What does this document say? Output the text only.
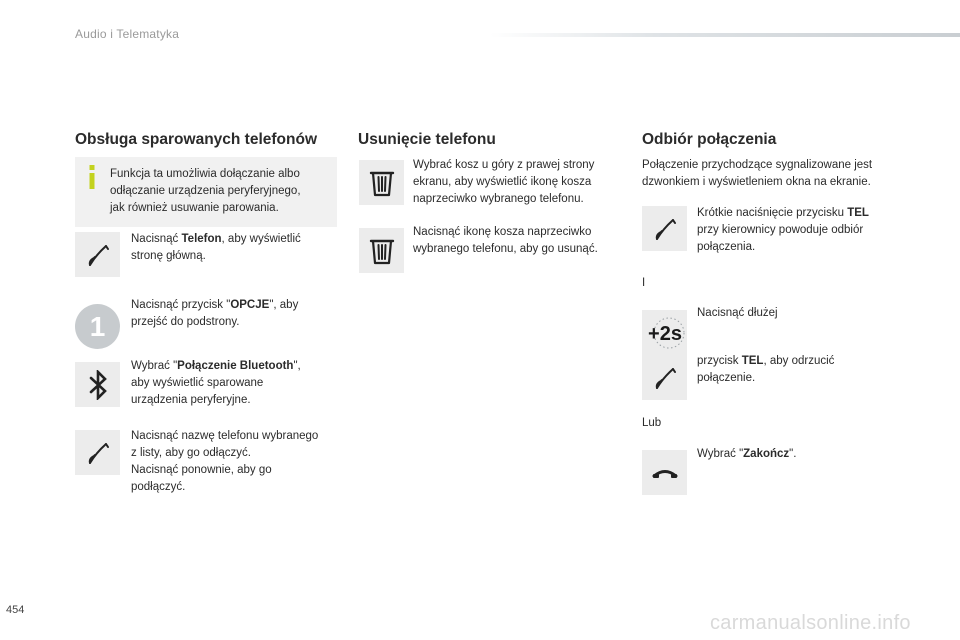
Audio i Telematyka
Obsługa sparowanych telefonów
Funkcja ta umożliwia dołączanie albo
odłączanie urządzenia peryferyjnego,
jak również usuwanie parowania.
Nacisnąć Telefon, aby wyświetlić
stronę główną.
1
Nacisnąć przycisk "OPCJE", aby
przejść do podstrony.
Wybrać "Połączenie Bluetooth",
aby wyświetlić sparowane
urządzenia peryferyjne.
Nacisnąć nazwę telefonu wybranego
z listy, aby go odłączyć.
Nacisnąć ponownie, aby go
podłączyć.
Usunięcie telefonu
Wybrać kosz u góry z prawej strony
ekranu, aby wyświetlić ikonę kosza
naprzeciwko wybranego telefonu.
Nacisnąć ikonę kosza naprzeciwko
wybranego telefonu, aby go usunąć.
Odbiór połączenia
Połączenie przychodzące sygnalizowane jest
dzwonkiem i wyświetleniem okna na ekranie.
Krótkie naciśnięcie przycisku TEL
przy kierownicy powoduje odbiór
połączenia.
I
+2s
Nacisnąć dłużej
przycisk TEL, aby odrzucić
połączenie.
Lub
Wybrać "Zakończ".
454
carmanualsonline.info
